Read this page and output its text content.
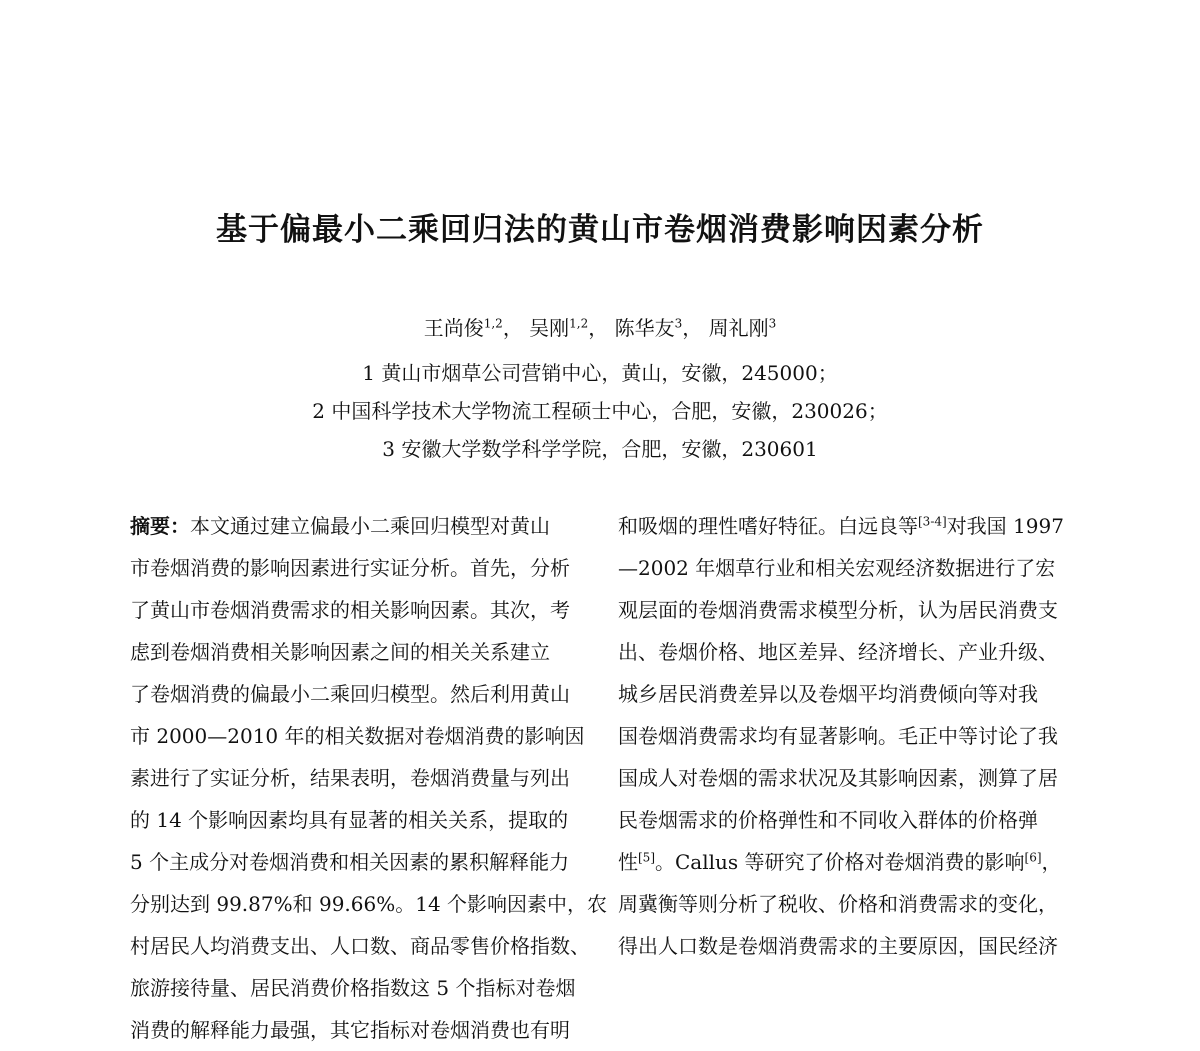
基于偏最小二乘回归法的黄山市卷烟消费影响因素分析
王尚俊$^{1,2}$， 吴刚$^{1,2}$， 陈华友$^3$， 周礼刚$^3$
1 黄山市烟草公司营销中心，黄山，安徽，245000；
2 中国科学技术大学物流工程硕士中心，合肥，安徽，230026；
3 安徽大学数学科学学院，合肥，安徽，230601
摘要：本文通过建立偏最小二乘回归模型对黄山
市卷烟消费的影响因素进行实证分析。首先，分析
了黄山市卷烟消费需求的相关影响因素。其次，考
虑到卷烟消费相关影响因素之间的相关关系建立
了卷烟消费的偏最小二乘回归模型。然后利用黄山
市 2000—2010 年的相关数据对卷烟消费的影响因
素进行了实证分析，结果表明，卷烟消费量与列出
的 14 个影响因素均具有显著的相关关系，提取的
5 个主成分对卷烟消费和相关因素的累积解释能力
分别达到 99.87%和 99.66%。14 个影响因素中，农
村居民人均消费支出、人口数、商品零售价格指数、
旅游接待量、居民消费价格指数这 5 个指标对卷烟
消费的解释能力最强，其它指标对卷烟消费也有明
和吸烟的理性嗜好特征。白远良等[3-4]对我国 1997
—2002 年烟草行业和相关宏观经济数据进行了宏
观层面的卷烟消费需求模型分析，认为居民消费支
出、卷烟价格、地区差异、经济增长、产业升级、
城乡居民消费差异以及卷烟平均消费倾向等对我
国卷烟消费需求均有显著影响。毛正中等讨论了我
国成人对卷烟的需求状况及其影响因素，测算了居
民卷烟需求的价格弹性和不同收入群体的价格弹
性[5]。Callus 等研究了价格对卷烟消费的影响[6]，
周冀衡等则分析了税收、价格和消费需求的变化，
得出人口数是卷烟消费需求的主要原因，国民经济
